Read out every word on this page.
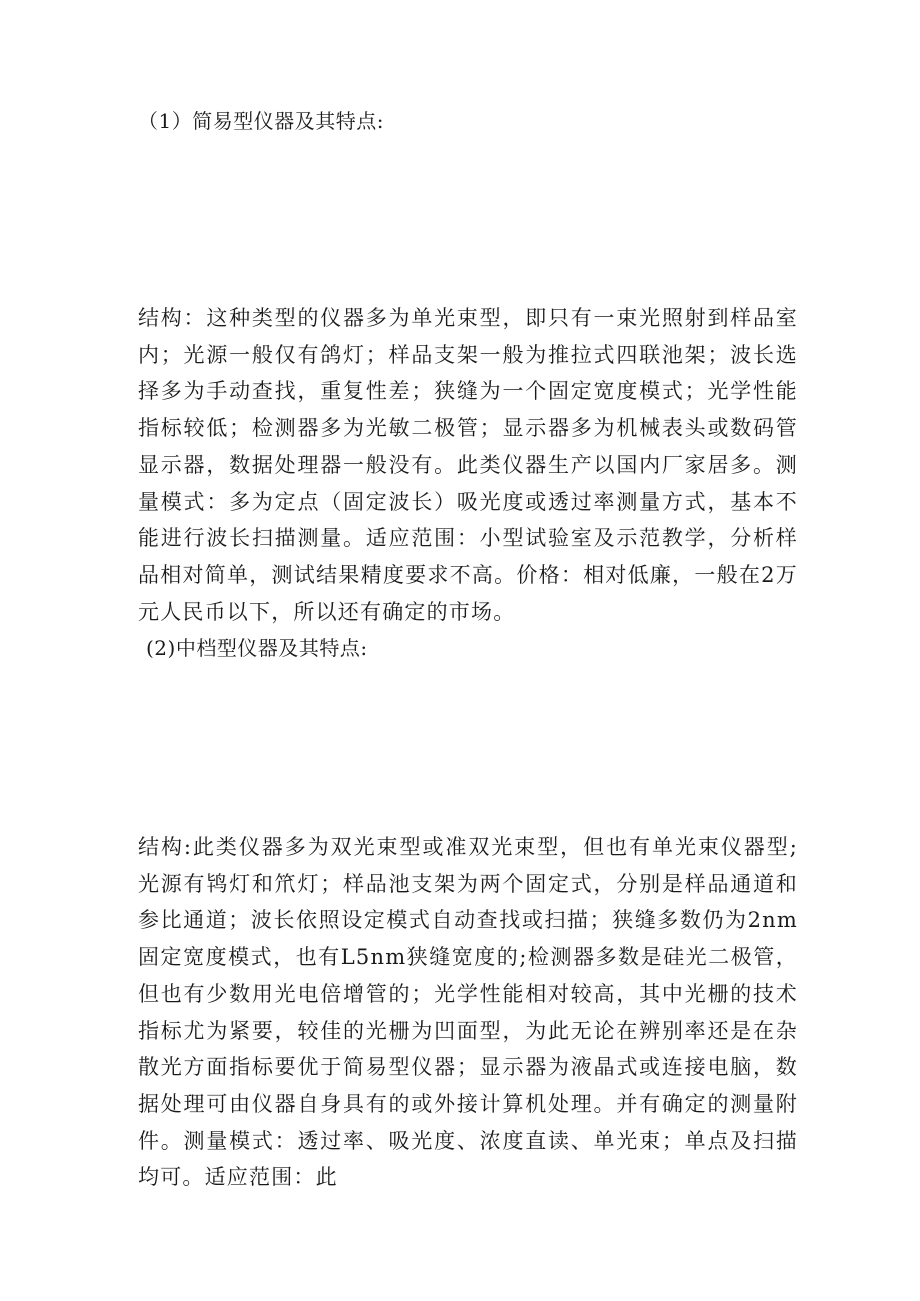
（1）简易型仪器及其特点:

结构：这种类型的仪器多为单光束型，即只有一束光照射到样品室内；光源一般仅有鸽灯；样品支架一般为推拉式四联池架；波长选择多为手动查找，重复性差；狭缝为一个固定宽度模式；光学性能指标较低；检测器多为光敏二极管；显示器多为机械表头或数码管显示器，数据处理器一般没有。此类仪器生产以国内厂家居多。测量模式：多为定点（固定波长）吸光度或透过率测量方式，基本不能进行波长扫描测量。适应范围：小型试验室及示范教学，分析样品相对简单，测试结果精度要求不高。价格：相对低廉，一般在2万元人民币以下，所以还有确定的市场。

(2)中档型仪器及其特点:

结构:此类仪器多为双光束型或准双光束型，但也有单光束仪器型;光源有鸨灯和笊灯；样品池支架为两个固定式，分别是样品通道和参比通道；波长依照设定模式自动查找或扫描；狭缝多数仍为2nm固定宽度模式，也有L5nm狭缝宽度的;检测器多数是硅光二极管，但也有少数用光电倍增管的；光学性能相对较高，其中光栅的技术指标尤为紧要，较佳的光栅为凹面型，为此无论在辨别率还是在杂散光方面指标要优于简易型仪器；显示器为液晶式或连接电脑，数据处理可由仪器自身具有的或外接计算机处理。并有确定的测量附件。测量模式：透过率、吸光度、浓度直读、单光束；单点及扫描均可。适应范围：此
